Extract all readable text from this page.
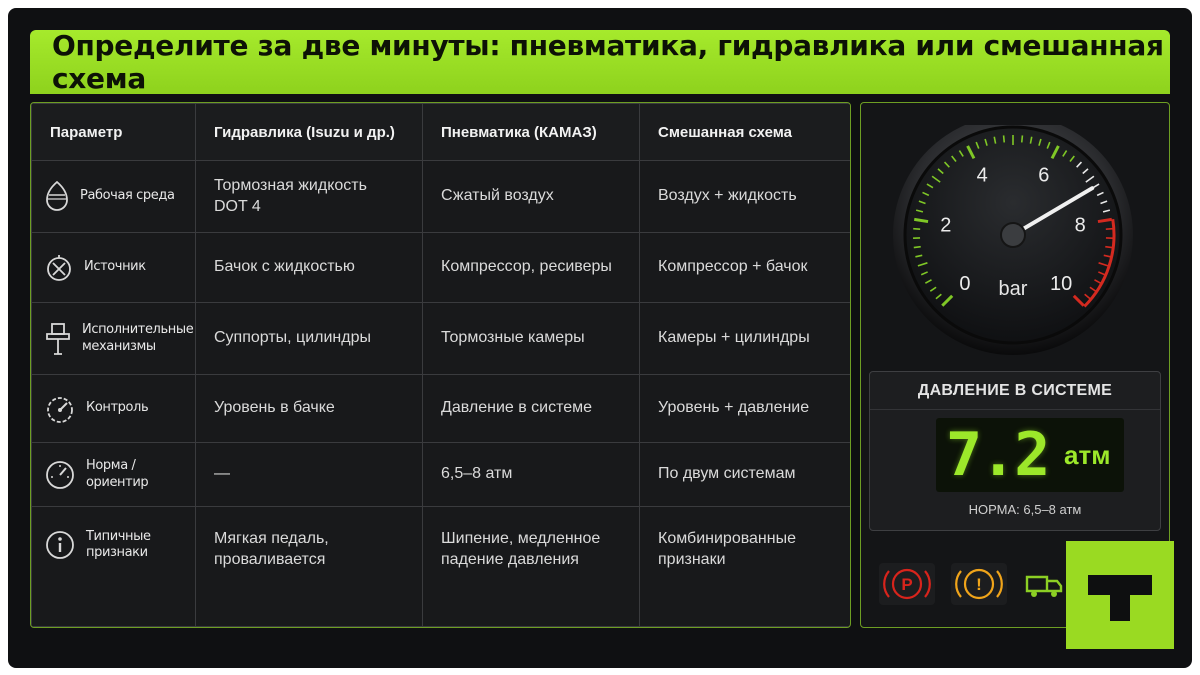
Определите за две минуты: пневматика, гидравлика или смешанная схема
Параметр	Гидравлика (Isuzu и др.)	Пневматика (КАМАЗ)	Смешанная схема

Рабочая среда	Тормозная жидкость DOT 4	Сжатый воздух	Воздух + жидкость

Источник	Бачок с жидкостью	Компрессор, ресиверы	Компрессор + бачок

Исполнительные механизмы	Суппорты, цилиндры	Тормозные камеры	Камеры + цилиндры

Контроль	Уровень в бачке	Давление в системе	Уровень + давление

Норма / ориентир	—	6,5–8 атм	По двум системам

Типичные признаки	Мягкая педаль, проваливается	Шипение, медленное падение давления	Комбинированные признаки
0
2
4	6
8
10
bar
ДАВЛЕНИЕ В СИСТЕМЕ
7.2 атм
НОРМА: 6,5–8 атм
P	!
